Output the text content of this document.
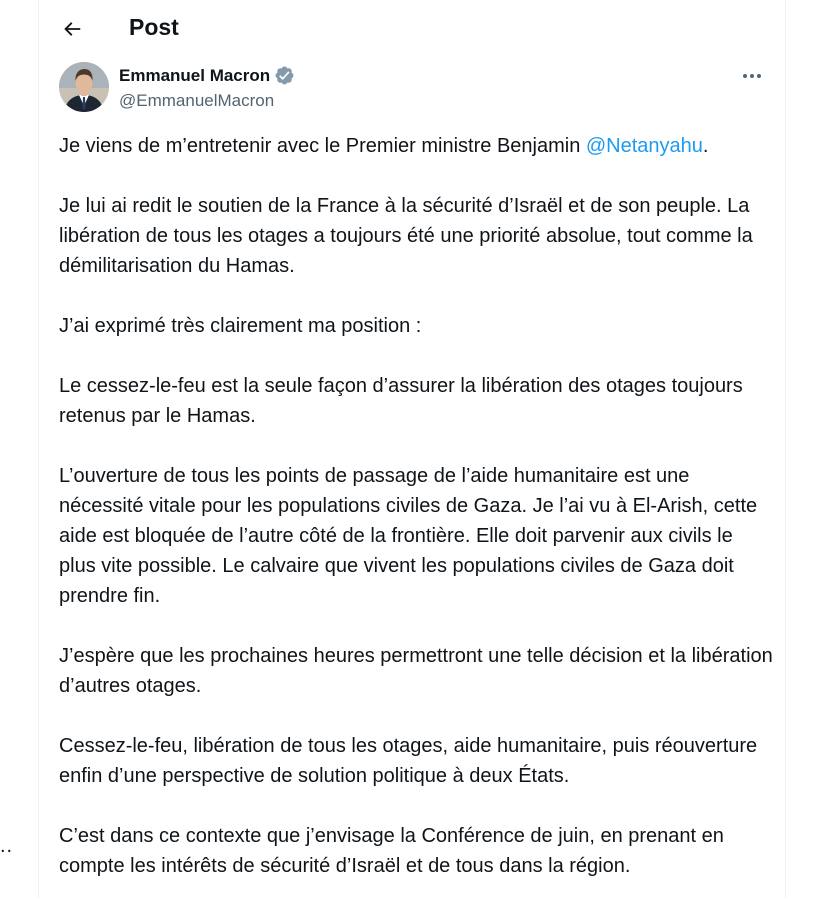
..
Post
Emmanuel Macron
@EmmanuelMacron

Je viens de m’entretenir avec le Premier ministre Benjamin @Netanyahu.

Je lui ai redit le soutien de la France à la sécurité d’Israël et de son peuple. La libération de tous les otages a toujours été une priorité absolue, tout comme la démilitarisation du Hamas.

J’ai exprimé très clairement ma position :

Le cessez-le-feu est la seule façon d’assurer la libération des otages toujours retenus par le Hamas.

L’ouverture de tous les points de passage de l’aide humanitaire est une nécessité vitale pour les populations civiles de Gaza. Je l’ai vu à El-Arish, cette aide est bloquée de l’autre côté de la frontière. Elle doit parvenir aux civils le plus vite possible. Le calvaire que vivent les populations civiles de Gaza doit prendre fin.

J’espère que les prochaines heures permettront une telle décision et la libération d’autres otages.

Cessez-le-feu, libération de tous les otages, aide humanitaire, puis réouverture enfin d’une perspective de solution politique à deux États.

C’est dans ce contexte que j’envisage la Conférence de juin, en prenant en compte les intérêts de sécurité d’Israël et de tous dans la région.
